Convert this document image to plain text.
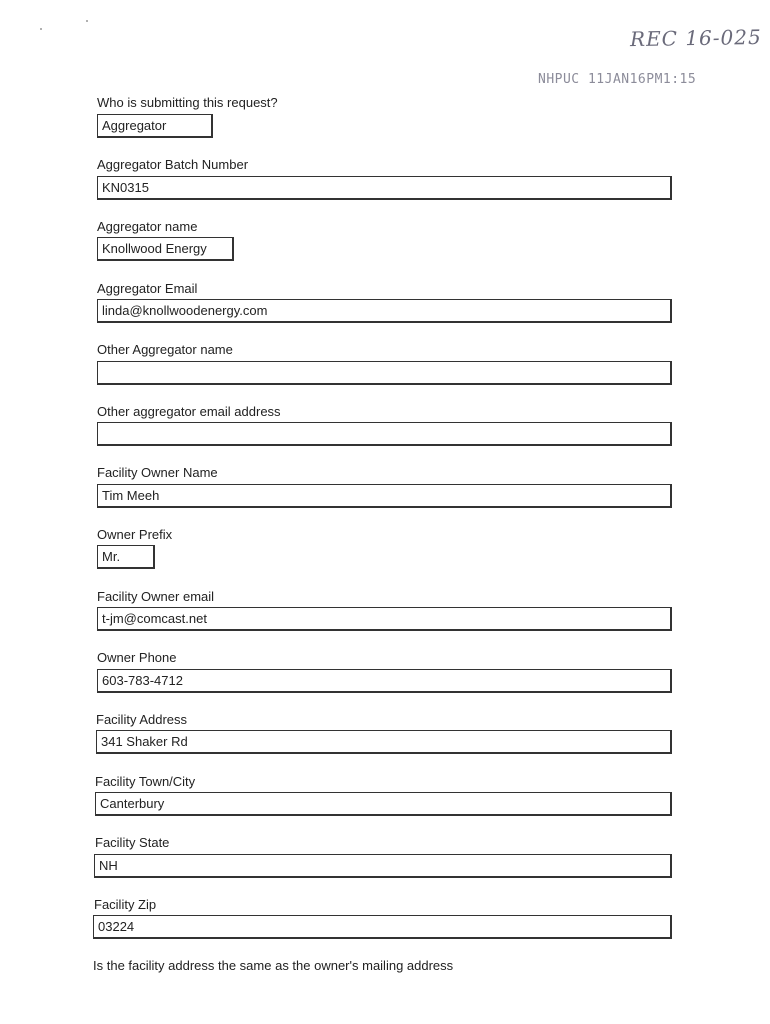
REC 16-025
NHPUC 11JAN16PM1:15
Who is submitting this request?
Aggregator
Aggregator Batch Number
KN0315
Aggregator name
Knollwood Energy
Aggregator Email
linda@knollwoodenergy.com
Other Aggregator name
Other aggregator email address
Facility Owner Name
Tim Meeh
Owner Prefix
Mr.
Facility Owner email
t-jm@comcast.net
Owner Phone
603-783-4712
Facility Address
341 Shaker Rd
Facility Town/City
Canterbury
Facility State
NH
Facility Zip
03224
Is the facility address the same as the owner's mailing address
